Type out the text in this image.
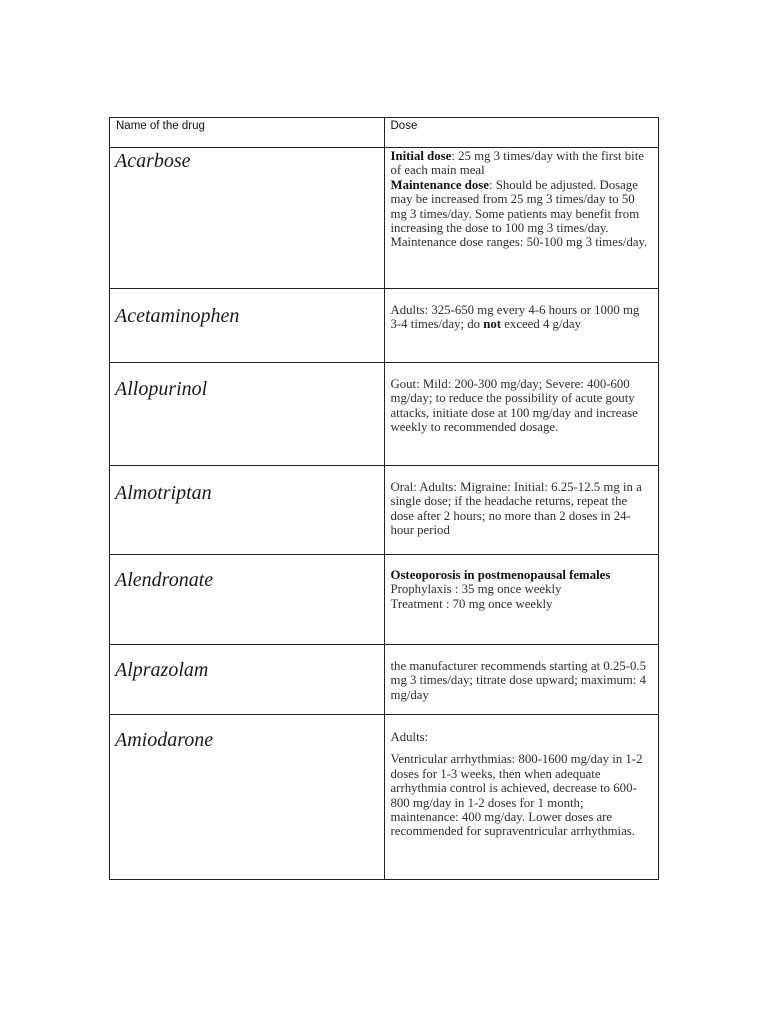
Name of the drug	Dose

Acarbose	Initial dose: 25 mg 3 times/day with the first bite of each main meal

Maintenance dose: Should be adjusted. Dosage may be increased from 25 mg 3 times/day to 50 mg 3 times/day. Some patients may benefit from increasing the dose to 100 mg 3 times/day.

Maintenance dose ranges: 50-100 mg 3 times/day.

Acetaminophen	Adults: 325-650 mg every 4-6 hours or 1000 mg 3-4 times/day; do not exceed 4 g/day

Allopurinol	Gout: Mild: 200-300 mg/day; Severe: 400-600 mg/day; to reduce the possibility of acute gouty attacks, initiate dose at 100 mg/day and increase weekly to recommended dosage.

Almotriptan	Oral: Adults: Migraine: Initial: 6.25-12.5 mg in a single dose; if the headache returns, repeat the dose after 2 hours; no more than 2 doses in 24-hour period

Alendronate	Osteoporosis in postmenopausal females

Prophylaxis : 35 mg once weekly

Treatment : 70 mg once weekly

Alprazolam	the manufacturer recommends starting at 0.25-0.5 mg 3 times/day; titrate dose upward; maximum: 4 mg/day

Amiodarone	Adults:

Ventricular arrhythmias: 800-1600 mg/day in 1-2 doses for 1-3 weeks, then when adequate arrhythmia control is achieved, decrease to 600-800 mg/day in 1-2 doses for 1 month; maintenance: 400 mg/day. Lower doses are recommended for supraventricular arrhythmias.
